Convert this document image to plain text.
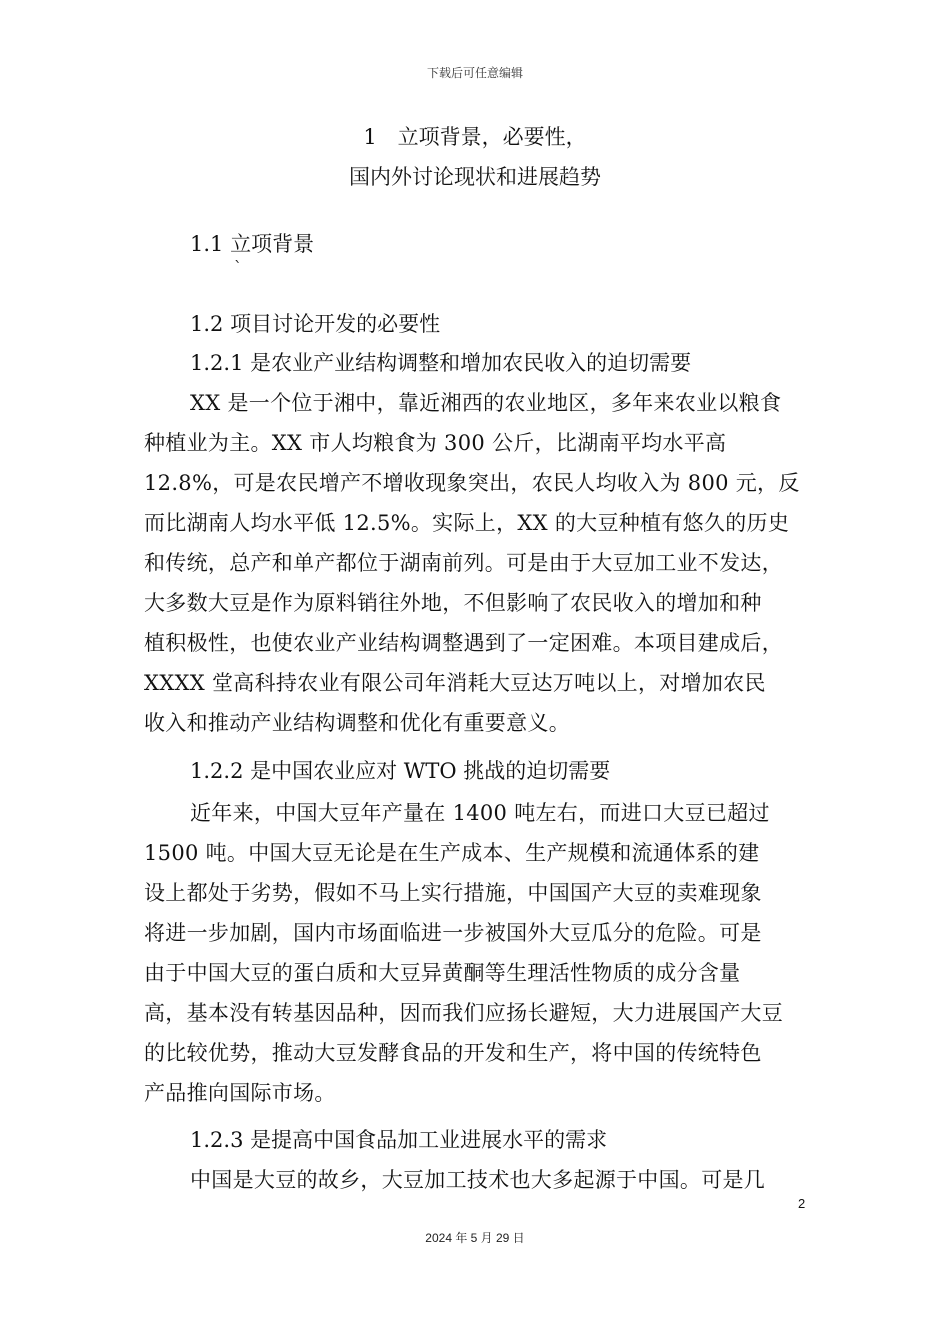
下载后可任意编辑
1　立项背景，必要性，
国内外讨论现状和进展趋势
1.1 立项背景
`
1.2 项目讨论开发的必要性
1.2.1 是农业产业结构调整和增加农民收入的迫切需要
XX 是一个位于湘中，靠近湘西的农业地区，多年来农业以粮食
种植业为主。XX 市人均粮食为 300 公斤，比湖南平均水平高
12.8%，可是农民增产不增收现象突出，农民人均收入为 800 元，反
而比湖南人均水平低 12.5%。实际上，XX 的大豆种植有悠久的历史
和传统，总产和单产都位于湖南前列。可是由于大豆加工业不发达，
大多数大豆是作为原料销往外地，不但影响了农民收入的增加和种
植积极性，也使农业产业结构调整遇到了一定困难。本项目建成后，
XXXX 堂高科持农业有限公司年消耗大豆达万吨以上，对增加农民
收入和推动产业结构调整和优化有重要意义。
1.2.2 是中国农业应对 WTO 挑战的迫切需要
近年来，中国大豆年产量在 1400 吨左右，而进口大豆已超过
1500 吨。中国大豆无论是在生产成本、生产规模和流通体系的建
设上都处于劣势，假如不马上实行措施，中国国产大豆的卖难现象
将进一步加剧，国内市场面临进一步被国外大豆瓜分的危险。可是
由于中国大豆的蛋白质和大豆异黄酮等生理活性物质的成分含量
高，基本没有转基因品种，因而我们应扬长避短，大力进展国产大豆
的比较优势，推动大豆发酵食品的开发和生产，将中国的传统特色
产品推向国际市场。
1.2.3 是提高中国食品加工业进展水平的需求
中国是大豆的故乡，大豆加工技术也大多起源于中国。可是几
2
2024 年 5 月 29 日
